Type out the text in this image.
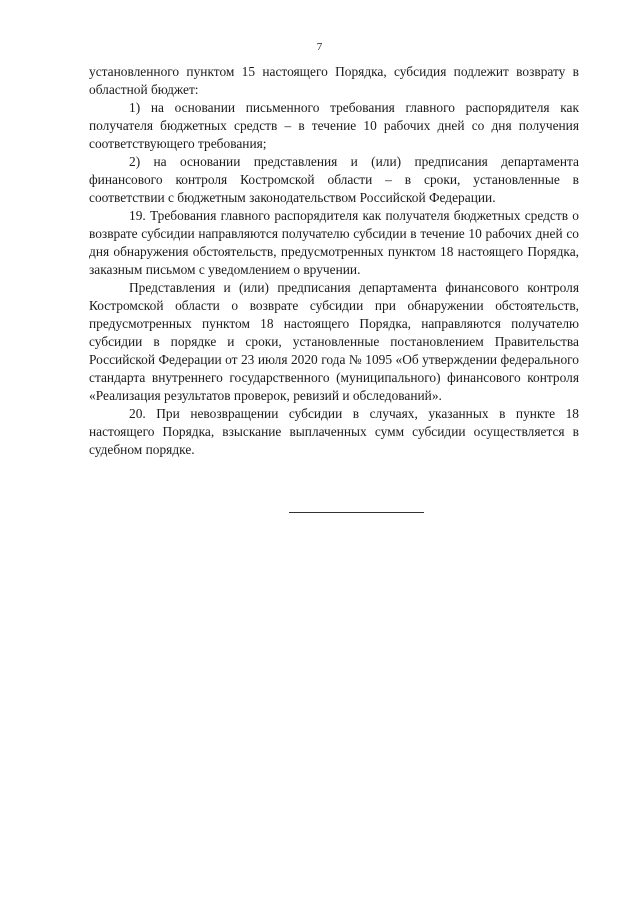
7

установленного пунктом 15 настоящего Порядка, субсидия подлежит возврату в областной бюджет:

1) на основании письменного требования главного распорядителя как получателя бюджетных средств – в течение 10 рабочих дней со дня получения соответствующего требования;

2) на основании представления и (или) предписания департамента финансового контроля Костромской области – в сроки, установленные в соответствии с бюджетным законодательством Российской Федерации.

19. Требования главного распорядителя как получателя бюджетных средств о возврате субсидии направляются получателю субсидии в течение 10 рабочих дней со дня обнаружения обстоятельств, предусмотренных пунктом 18 настоящего Порядка, заказным письмом с уведомлением о вручении.

Представления и (или) предписания департамента финансового контроля Костромской области о возврате субсидии при обнаружении обстоятельств, предусмотренных пунктом 18 настоящего Порядка, направляются получателю субсидии в порядке и сроки, установленные постановлением Правительства Российской Федерации от 23 июля 2020 года № 1095 «Об утверждении федерального стандарта внутреннего государственного (муниципального) финансового контроля «Реализация результатов проверок, ревизий и обследований».

20. При невозвращении субсидии в случаях, указанных в пункте 18 настоящего Порядка, взыскание выплаченных сумм субсидии осуществляется в судебном порядке.
